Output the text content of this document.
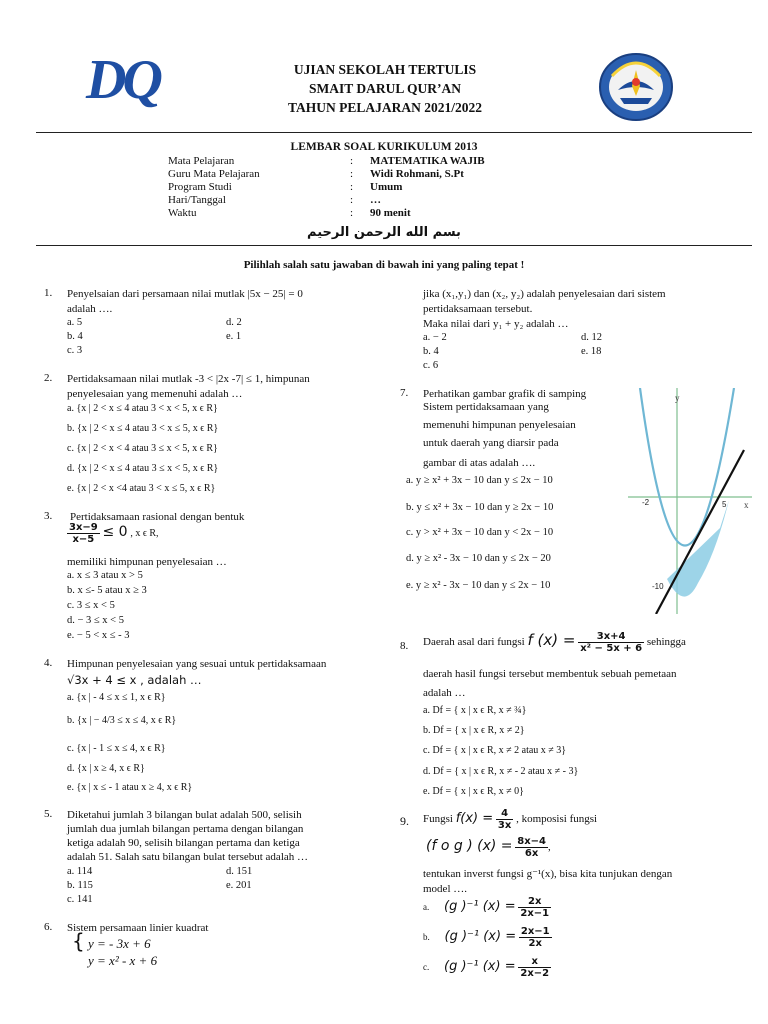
DQ	UJIAN SEKOLAH TERTULIS
SMAIT DARUL QUR’AN
TAHUN PELAJARAN 2021/2022
LEMBAR SOAL KURIKULUM 2013
Mata Pelajaran
Guru Mata Pelajaran
Program Studi
Hari/Tanggal
Waktu
:
:
:
:
:
MATEMATIKA WAJIB
Widi Rohmani, S.Pt
Umum
…
90 menit
بسم الله الرحمن الرحيم
Pilihlah salah satu jawaban di bawah ini yang paling tepat !
1. Penyelsaian dari persamaan nilai mutlak |5x − 25| = 0
adalah ….
a. 5
b. 4
c. 3
d. 2
e. 1
2. Pertidaksamaan nilai mutlak -3 < |2x -7| ≤ 1, himpunan
penyelesaian yang memenuhi adalah …
a. {x | 2 < x ≤ 4 atau 3 < x < 5, x ϵ R}
b. {x | 2 < x ≤ 4 atau 3 < x ≤ 5, x ϵ R}
c. {x | 2 < x < 4 atau 3 ≤ x < 5, x ϵ R}
d. {x | 2 < x ≤ 4 atau 3 ≤ x < 5, x ϵ R}
e. {x | 2 < x <4 atau 3 < x ≤ 5, x ϵ R}
3. Pertidaksamaan rasional dengan bentuk
$\frac{3x-9}{x-5} \le 0$ , x ϵ R,
memiliki himpunan penyelesaian …
a. x ≤ 3 atau x > 5
b. x ≤- 5 atau x ≥ 3
c. 3 ≤ x < 5
d. − 3 ≤ x < 5
e. − 5 < x ≤ - 3
4. Himpunan penyelesaian yang sesuai untuk pertidaksamaan
√3x + 4 ≤ x , adalah …
a. {x | - 4 ≤ x ≤ 1, x ϵ R}
b. {x | − 4/3 ≤ x ≤ 4, x ϵ R}
c. {x | - 1 ≤ x ≤ 4, x ϵ R}
d. {x | x ≥ 4, x ϵ R}
e. {x | x ≤ - 1 atau x ≥ 4, x ϵ R}
5. Diketahui jumlah 3 bilangan bulat adalah 500, selisih
jumlah dua jumlah bilangan pertama dengan bilangan
ketiga adalah 90, selisih bilangan pertama dan ketiga
adalah 51. Salah satu bilangan bulat tersebut adalah …
a. 114
b. 115
c. 141
d. 151
e. 201
6. Sistem persamaan linier kuadrat
{ y = - 3x + 6
y = x² - x + 6
jika (x₁,y₁) dan (x₂, y₂) adalah penyelesaian dari sistem
pertidaksamaan tersebut.
Maka nilai dari y₁ + y₂ adalah …
a. − 2
b. 4
c. 6
d. 12
e. 18
7. Perhatikan gambar grafik di samping
Sistem pertidaksamaan yang
memenuhi himpunan penyelesaian
untuk daerah yang diarsir pada
gambar di atas adalah ….
a. y ≥ x² + 3x − 10 dan y ≤ 2x − 10
b. y ≤ x² + 3x − 10 dan y ≥ 2x − 10
c. y > x² + 3x − 10 dan y < 2x − 10
d. y ≥ x² - 3x − 10 dan y ≤ 2x − 20
e. y ≥ x² - 3x − 10 dan y ≤ 2x − 10
y
x
-2	5
-10
8. Daerah asal dari fungsi f $(x) = \frac{3x+4}{\text{x² − 5x + 6}}$ sehingga
daerah hasil fungsi tersebut membentuk sebuah pemetaan
adalah …
a. Df = { x | x ϵ R, x ≠ ¾}
b. Df = { x | x ϵ R, x ≠ 2}
c. Df = { x | x ϵ R, x ≠ 2 atau x ≠ 3}
d. Df = { x | x ϵ R, x ≠ - 2 atau x ≠ - 3}
e. Df = { x | x ϵ R, x ≠ 0}
9. Fungsi $f(x) = \frac{4}{3x}$ , komposisi fungsi
(f o g ) $(x) = \frac{8x-4}{6x}$ ,
tentukan inverst fungsi g⁻¹(x), bisa kita tunjukan dengan
model ….
a. (g )⁻¹ $(x) = \frac{2x}{2x-1}$
b. (g )⁻¹ $(x) = \frac{2x-1}{2x}$
c. (g )⁻¹ $(x) = \frac{x}{2x-2}$
